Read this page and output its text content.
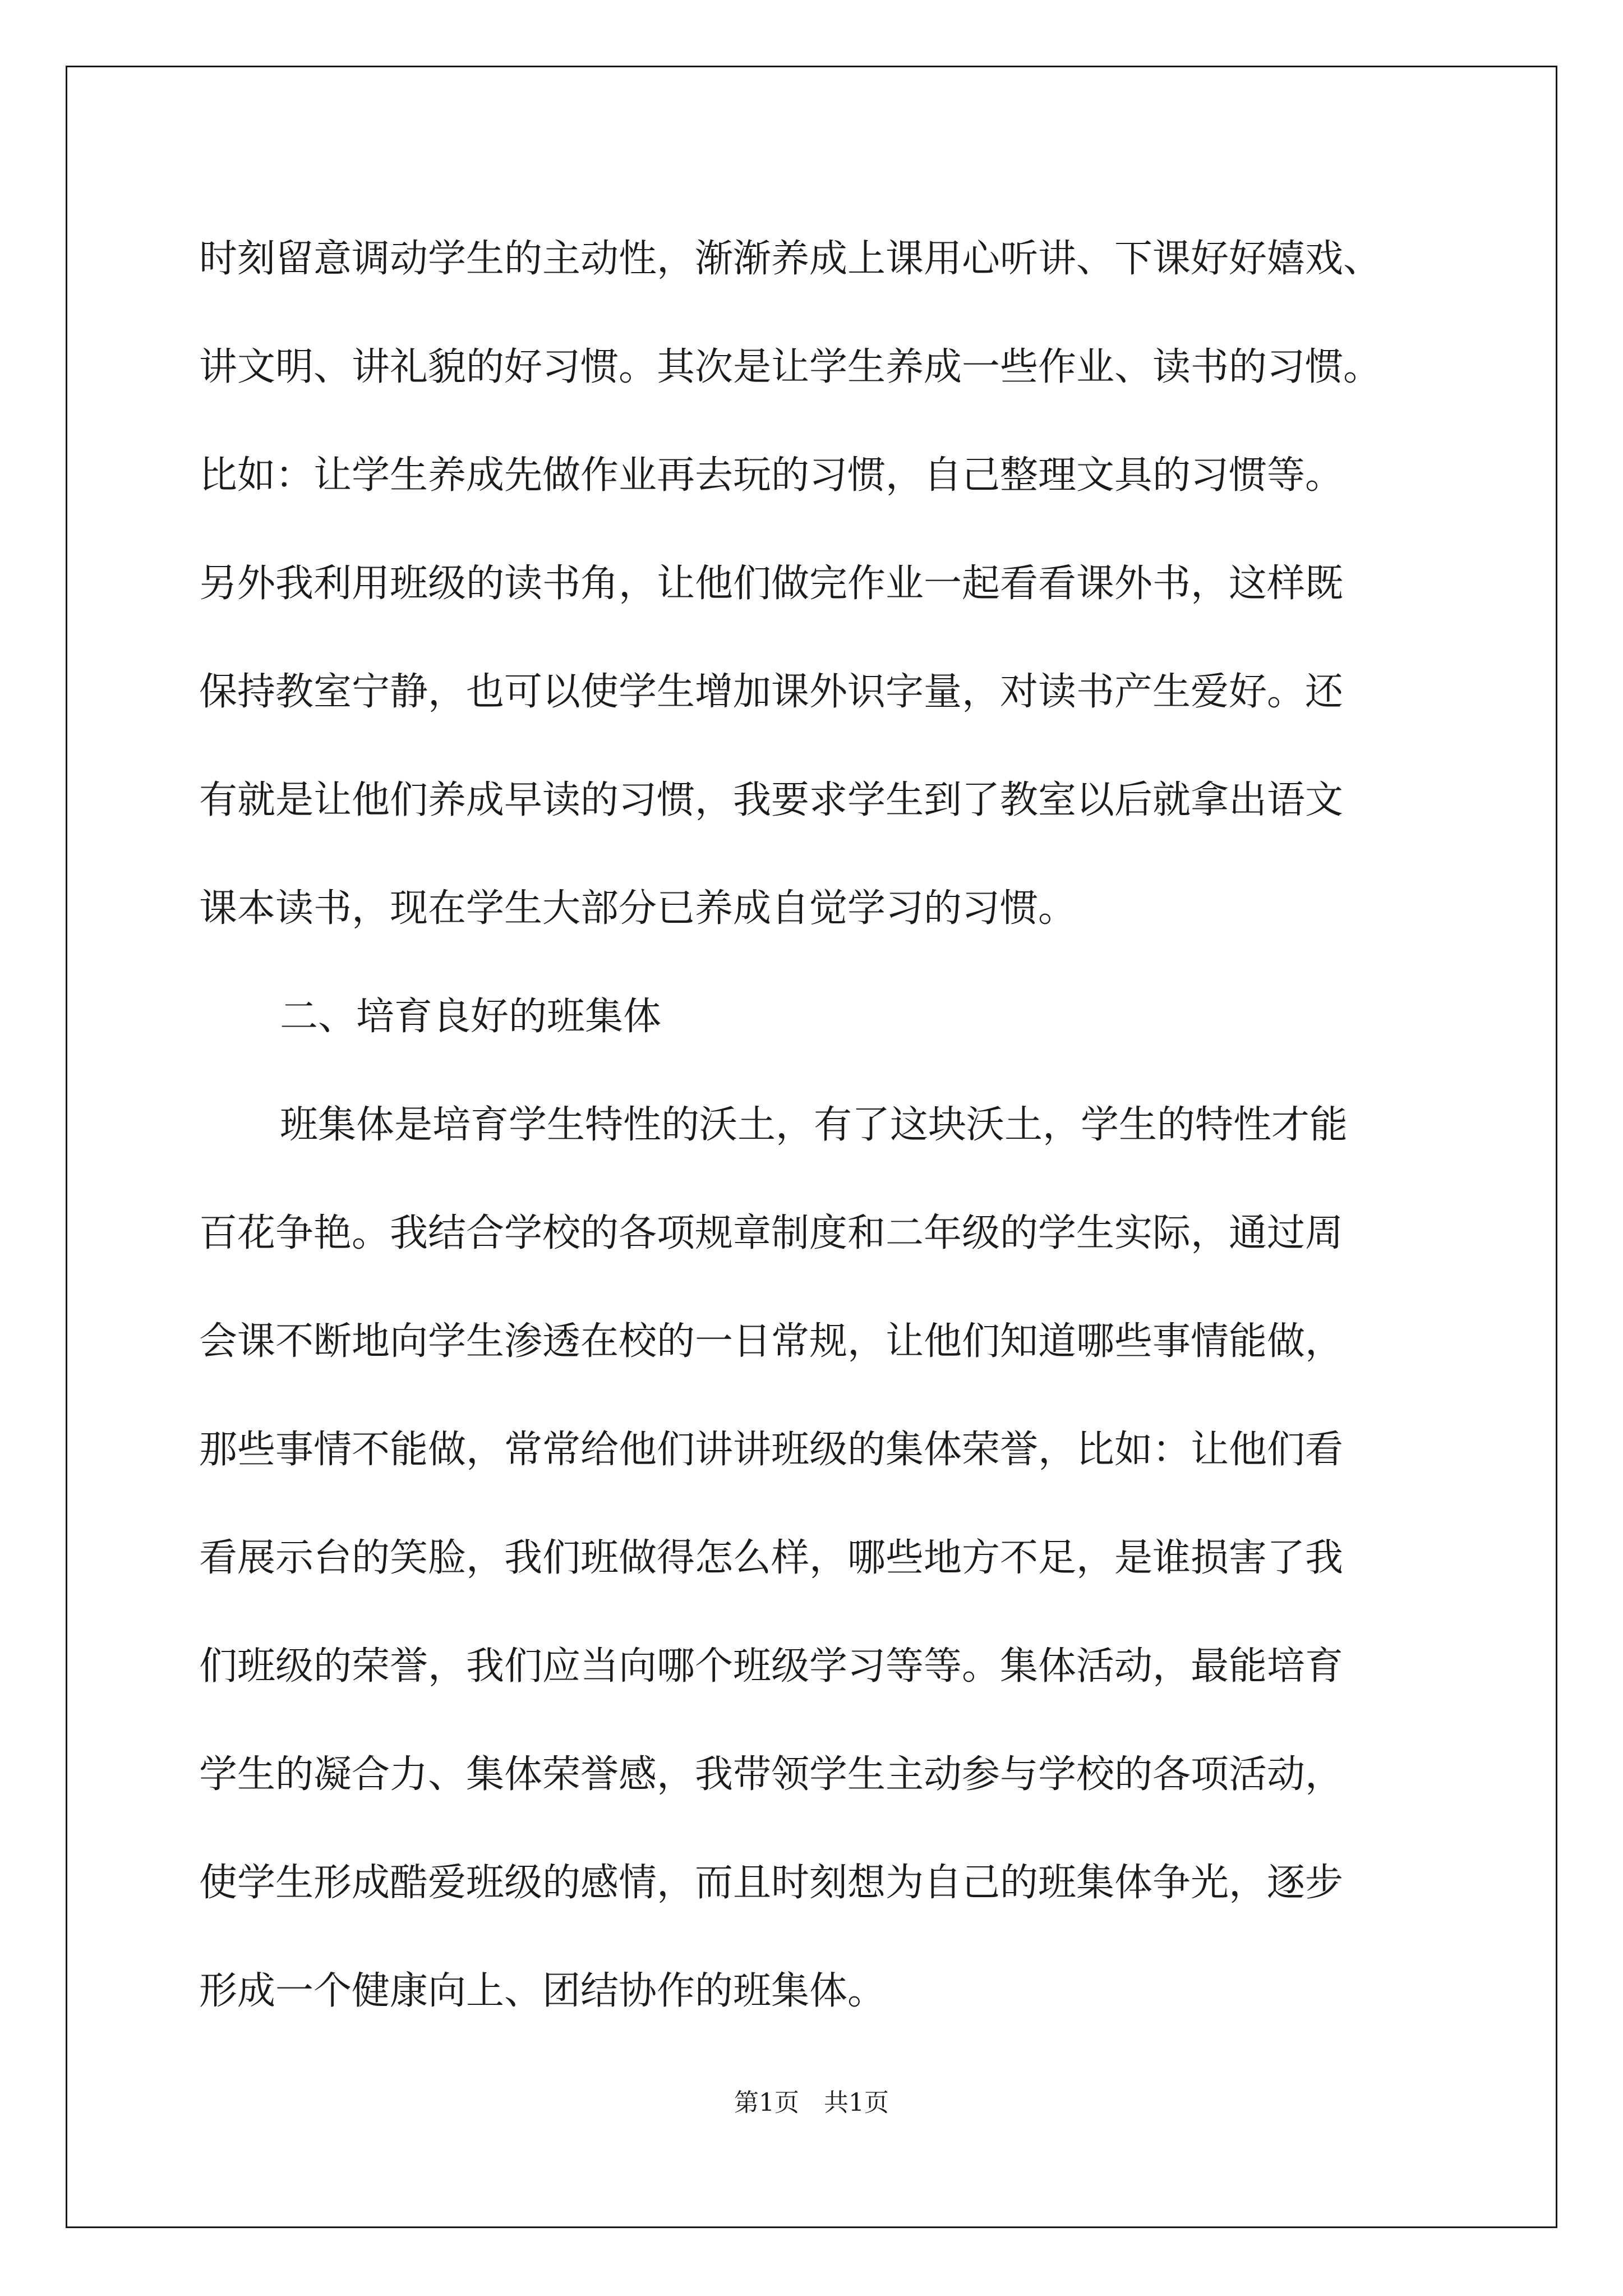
时刻留意调动学生的主动性，渐渐养成上课用心听讲、下课好好嬉戏、
讲文明、讲礼貌的好习惯。其次是让学生养成一些作业、读书的习惯。
比如：让学生养成先做作业再去玩的习惯，自己整理文具的习惯等。
另外我利用班级的读书角，让他们做完作业一起看看课外书，这样既
保持教室宁静，也可以使学生增加课外识字量，对读书产生爱好。还
有就是让他们养成早读的习惯，我要求学生到了教室以后就拿出语文
课本读书，现在学生大部分已养成自觉学习的习惯。
二、培育良好的班集体
班集体是培育学生特性的沃土，有了这块沃土，学生的特性才能
百花争艳。我结合学校的各项规章制度和二年级的学生实际，通过周
会课不断地向学生渗透在校的一日常规，让他们知道哪些事情能做，
那些事情不能做，常常给他们讲讲班级的集体荣誉，比如：让他们看
看展示台的笑脸，我们班做得怎么样，哪些地方不足，是谁损害了我
们班级的荣誉，我们应当向哪个班级学习等等。集体活动，最能培育
学生的凝合力、集体荣誉感，我带领学生主动参与学校的各项活动，
使学生形成酷爱班级的感情，而且时刻想为自己的班集体争光，逐步
形成一个健康向上、团结协作的班集体。
第1页　共1页
